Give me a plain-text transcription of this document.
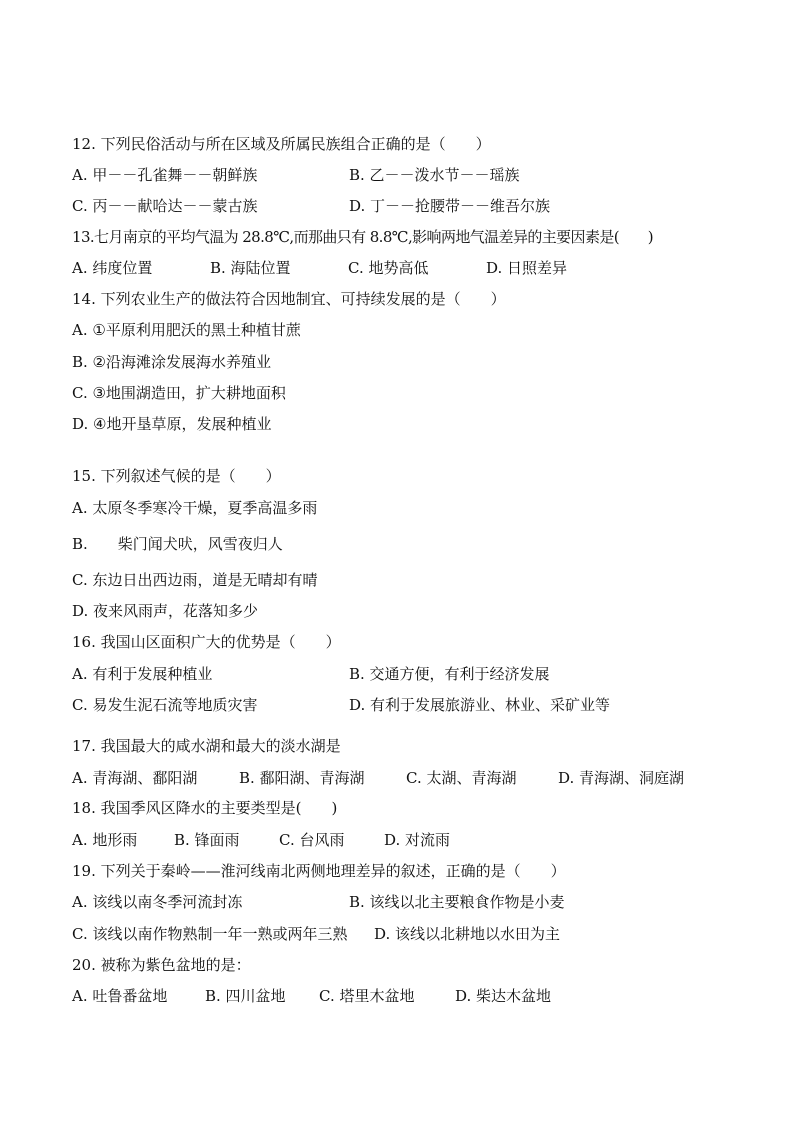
12. 下列民俗活动与所在区域及所属民族组合正确的是（　　）
A. 甲－－孔雀舞－－朝鲜族	B. 乙－－泼水节－－瑶族
C. 丙－－献哈达－－蒙古族	D. 丁－－抢腰带－－维吾尔族
13.七月南京的平均气温为 28.8℃,而那曲只有 8.8℃,影响两地气温差异的主要因素是(　　)
A. 纬度位置	B. 海陆位置	C. 地势高低	D. 日照差异
14. 下列农业生产的做法符合因地制宜、可持续发展的是（　　）
A. ①平原利用肥沃的黑土种植甘蔗
B. ②沿海滩涂发展海水养殖业
C. ③地围湖造田，扩大耕地面积
D. ④地开垦草原，发展种植业
15. 下列叙述气候的是（　　）
A. 太原冬季寒冷干燥，夏季高温多雨
B.　　柴门闻犬吠，风雪夜归人
C. 东边日出西边雨，道是无晴却有晴
D. 夜来风雨声，花落知多少
16. 我国山区面积广大的优势是（　　）
A. 有利于发展种植业	B. 交通方便，有利于经济发展
C. 易发生泥石流等地质灾害	D. 有利于发展旅游业、林业、采矿业等
17. 我国最大的咸水湖和最大的淡水湖是
A. 青海湖、鄱阳湖	B. 鄱阳湖、青海湖	C. 太湖、青海湖	D. 青海湖、洞庭湖
18. 我国季风区降水的主要类型是(　　)
A. 地形雨 B. 锋面雨	C. 台风雨	D. 对流雨
19. 下列关于秦岭——淮河线南北两侧地理差异的叙述，正确的是（　　）
A. 该线以南冬季河流封冻	B. 该线以北主要粮食作物是小麦
C. 该线以南作物熟制一年一熟或两年三熟 D. 该线以北耕地以水田为主
20. 被称为紫色盆地的是：
A. 吐鲁番盆地	B. 四川盆地 C. 塔里木盆地	D. 柴达木盆地
